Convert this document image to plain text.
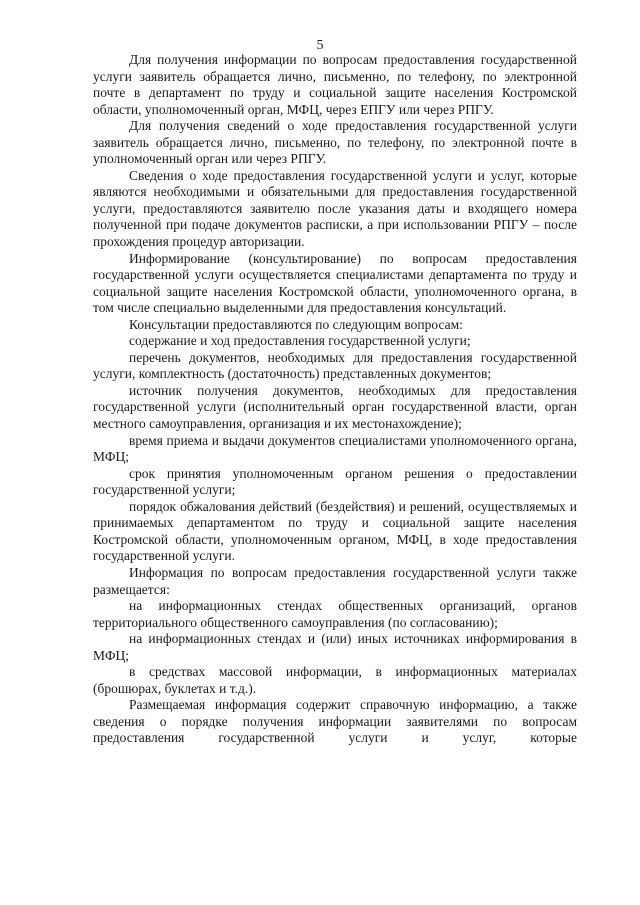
5

Для получения информации по вопросам предоставления государственной услуги заявитель обращается лично, письменно, по телефону, по электронной почте в департамент по труду и социальной защите населения Костромской области, уполномоченный орган, МФЦ, через ЕПГУ или через РПГУ.

Для получения сведений о ходе предоставления государственной услуги заявитель обращается лично, письменно, по телефону, по электронной почте в уполномоченный орган или через РПГУ.

Сведения о ходе предоставления государственной услуги и услуг, которые являются необходимыми и обязательными для предоставления государственной услуги, предоставляются заявителю после указания даты и входящего номера полученной при подаче документов расписки, а при использовании РПГУ – после прохождения процедур авторизации.

Информирование (консультирование) по вопросам предоставления государственной услуги осуществляется специалистами департамента по труду и социальной защите населения Костромской области, уполномоченного органа, в том числе специально выделенными для предоставления консультаций.

Консультации предоставляются по следующим вопросам:

содержание и ход предоставления государственной услуги;

перечень документов, необходимых для предоставления государственной услуги, комплектность (достаточность) представленных документов;

источник получения документов, необходимых для предоставления государственной услуги (исполнительный орган государственной власти, орган местного самоуправления, организация и их местонахождение);

время приема и выдачи документов специалистами уполномоченного органа, МФЦ;

срок принятия уполномоченным органом решения о предоставлении государственной услуги;

порядок обжалования действий (бездействия) и решений, осуществляемых и принимаемых департаментом по труду и социальной защите населения Костромской области, уполномоченным органом, МФЦ, в ходе предоставления государственной услуги.

Информация по вопросам предоставления государственной услуги также размещается:

на информационных стендах общественных организаций, органов территориального общественного самоуправления (по согласованию);

на информационных стендах и (или) иных источниках информирования в МФЦ;

в средствах массовой информации, в информационных материалах (брошюрах, буклетах и т.д.).

Размещаемая информация содержит справочную информацию, а также сведения о порядке получения информации заявителями по вопросам предоставления государственной услуги и услуг, которые
